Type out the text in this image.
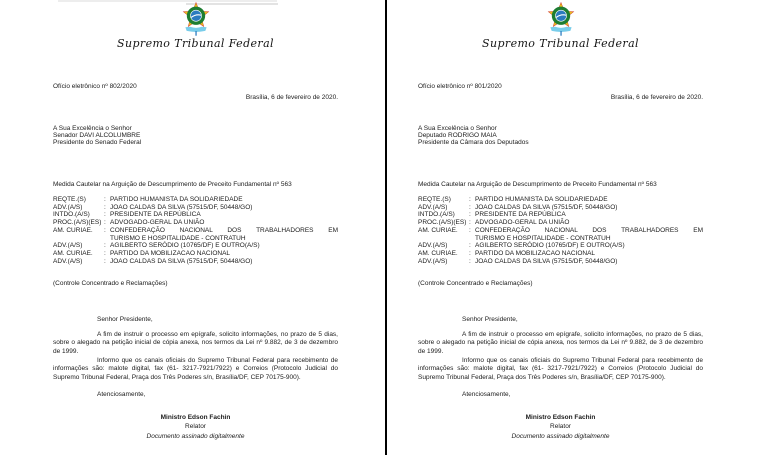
Supremo Tribunal Federal
Ofício eletrônico nº 802/2020
Brasília, 6 de fevereiro de 2020.
A Sua Excelência o Senhor
Senador DAVI ALCOLUMBRE
Presidente do Senado Federal
Medida Cautelar na Arguição de Descumprimento de Preceito Fundamental nº 563
REQTE.(S)	: PARTIDO HUMANISTA DA SOLIDARIEDADE
ADV.(A/S)	: JOAO CALDAS DA SILVA (57515/DF, 50448/GO)
INTDO.(A/S)	: PRESIDENTE DA REPÚBLICA
PROC.(A/S)(ES) : ADVOGADO-GERAL DA UNIÃO
AM. CURIAE.	: CONFEDERAÇÃO NACIONAL DOS TRABALHADORES EM
TURISMO E HOSPITALIDADE - CONTRATUH
ADV.(A/S)	: AGILBERTO SERÓDIO (10765/DF) E OUTRO(A/S)
AM. CURIAE.	: PARTIDO DA MOBILIZACAO NACIONAL
ADV.(A/S)	: JOAO CALDAS DA SILVA (57515/DF, 50448/GO)
(Controle Concentrado e Reclamações)
Senhor Presidente,

A fim de instruir o processo em epígrafe, solicito informações, no prazo de 5 dias, sobre o alegado na petição inicial de cópia anexa, nos termos da Lei nº 9.882, de 3 de dezembro de 1999.

Informo que os canais oficiais do Supremo Tribunal Federal para recebimento de informações são: malote digital, fax (61- 3217-7921/7922) e Correios (Protocolo Judicial do Supremo Tribunal Federal, Praça dos Três Poderes s/n, Brasília/DF, CEP 70175-900).

Atenciosamente,
Ministro Edson Fachin
Relator
Documento assinado digitalmente
Supremo Tribunal Federal
Ofício eletrônico nº 801/2020
Brasília, 6 de fevereiro de 2020.
A Sua Excelência o Senhor
Deputado RODRIGO MAIA
Presidente da Câmara dos Deputados
Medida Cautelar na Arguição de Descumprimento de Preceito Fundamental nº 563
REQTE.(S)	: PARTIDO HUMANISTA DA SOLIDARIEDADE
ADV.(A/S)	: JOAO CALDAS DA SILVA (57515/DF, 50448/GO)
INTDO.(A/S)	: PRESIDENTE DA REPÚBLICA
PROC.(A/S)(ES) : ADVOGADO-GERAL DA UNIÃO
AM. CURIAE.	: CONFEDERAÇÃO NACIONAL DOS TRABALHADORES EM
TURISMO E HOSPITALIDADE - CONTRATUH
ADV.(A/S)	: AGILBERTO SERÓDIO (10765/DF) E OUTRO(A/S)
AM. CURIAE.	: PARTIDO DA MOBILIZACAO NACIONAL
ADV.(A/S)	: JOAO CALDAS DA SILVA (57515/DF, 50448/GO)
(Controle Concentrado e Reclamações)
Senhor Presidente,

A fim de instruir o processo em epígrafe, solicito informações, no prazo de 5 dias, sobre o alegado na petição inicial de cópia anexa, nos termos da Lei nº 9.882, de 3 de dezembro de 1999.

Informo que os canais oficiais do Supremo Tribunal Federal para recebimento de informações são: malote digital, fax (61- 3217-7921/7922) e Correios (Protocolo Judicial do Supremo Tribunal Federal, Praça dos Três Poderes s/n, Brasília/DF, CEP 70175-900).

Atenciosamente,
Ministro Edson Fachin
Relator
Documento assinado digitalmente
